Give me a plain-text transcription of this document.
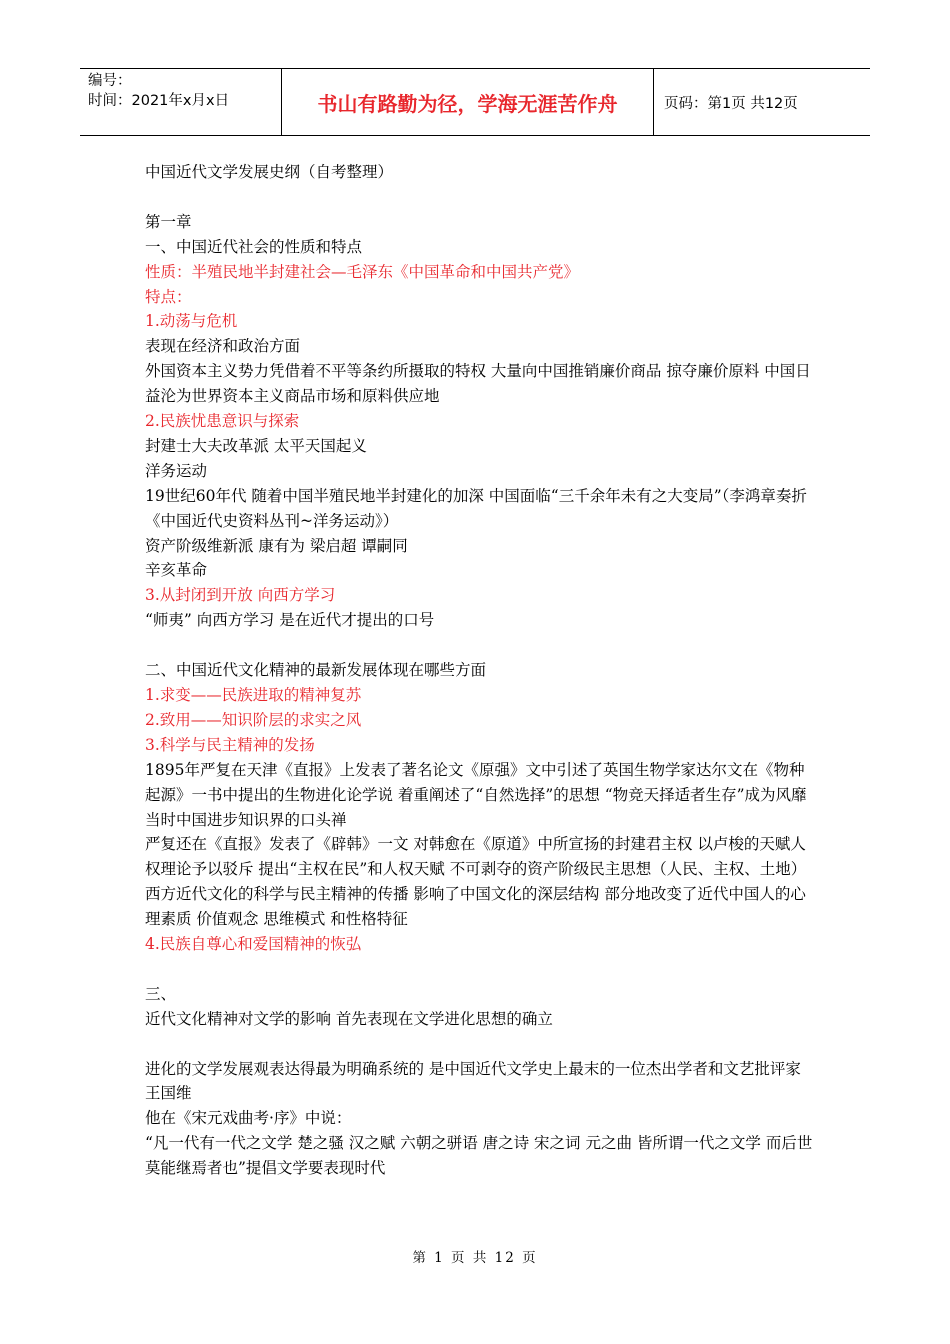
编号：
时间：2021年x月x日	书山有路勤为径，学海无涯苦作舟	页码：第1页 共12页

中国近代文学发展史纲（自考整理）

第一章

一、中国近代社会的性质和特点

性质：半殖民地半封建社会—毛泽东《中国革命和中国共产党》

特点：

1.动荡与危机

表现在经济和政治方面

外国资本主义势力凭借着不平等条约所摄取的特权 大量向中国推销廉价商品 掠夺廉价原料 中国日益沦为世界资本主义商品市场和原料供应地

2.民族忧患意识与探索

封建士大夫改革派 太平天国起义

洋务运动

19世纪60年代 随着中国半殖民地半封建化的加深 中国面临“三千余年未有之大变局”（李鸿章奏折 《中国近代史资料丛刊~洋务运动》）

资产阶级维新派 康有为 梁启超 谭嗣同

辛亥革命

3.从封闭到开放 向西方学习

“师夷” 向西方学习 是在近代才提出的口号

二、中国近代文化精神的最新发展体现在哪些方面

1.求变——民族进取的精神复苏

2.致用——知识阶层的求实之风

3.科学与民主精神的发扬

1895年严复在天津《直报》上发表了著名论文《原强》文中引述了英国生物学家达尔文在《物种起源》一书中提出的生物进化论学说 着重阐述了“自然选择”的思想 “物竞天择适者生存”成为风靡当时中国进步知识界的口头禅

严复还在《直报》发表了《辟韩》一文 对韩愈在《原道》中所宣扬的封建君主权 以卢梭的天赋人权理论予以驳斥 提出“主权在民”和人权天赋 不可剥夺的资产阶级民主思想（人民、主权、土地）

西方近代文化的科学与民主精神的传播 影响了中国文化的深层结构 部分地改变了近代中国人的心理素质 价值观念 思维模式 和性格特征

4.民族自尊心和爱国精神的恢弘

三、

近代文化精神对文学的影响 首先表现在文学进化思想的确立

进化的文学发展观表达得最为明确系统的 是中国近代文学史上最末的一位杰出学者和文艺批评家 王国维

他在《宋元戏曲考·序》中说：

“凡一代有一代之文学 楚之骚 汉之赋 六朝之骈语 唐之诗 宋之词 元之曲 皆所谓一代之文学 而后世莫能继焉者也”提倡文学要表现时代

第 1 页 共 12 页
